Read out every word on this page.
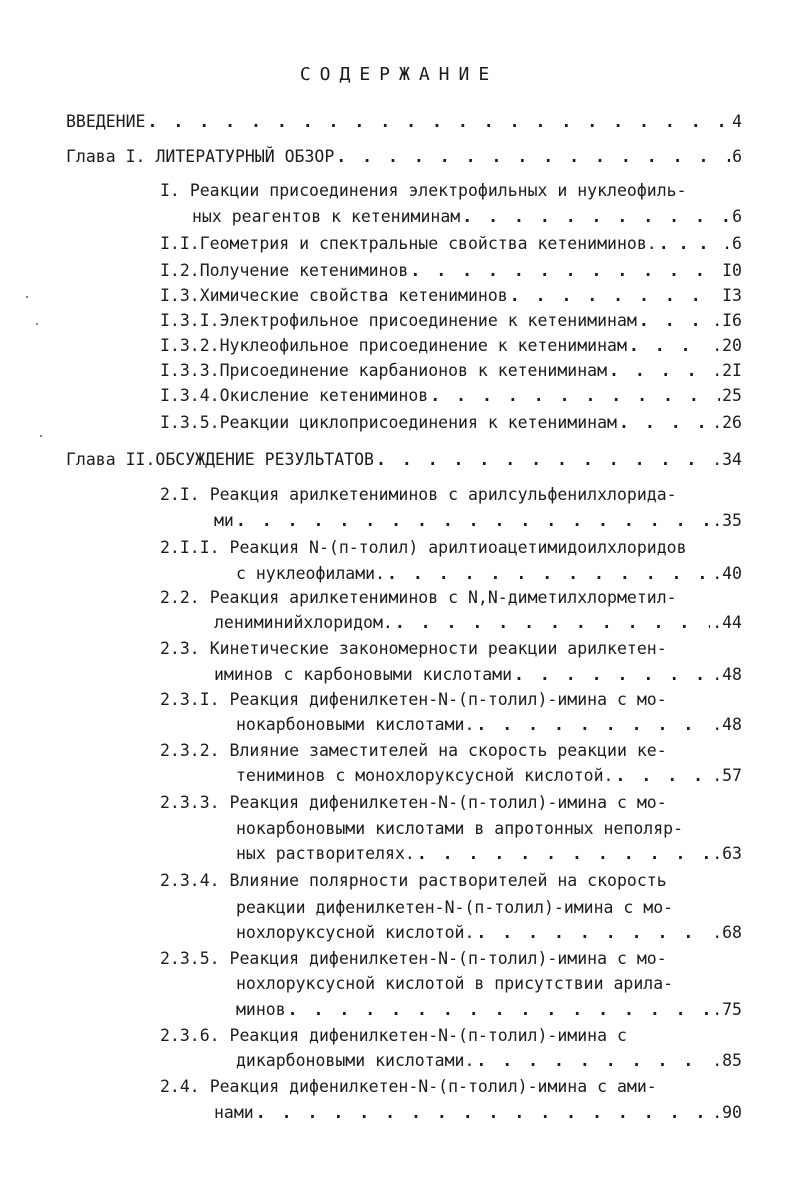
СОДЕРЖАНИЕ
ВВЕДЕНИЕ . . .	4
Глава I. ЛИТЕРАТУРНЫЙ ОБЗОР . . .	6
I. Реакции присоединения электрофильных и нуклеофиль-
ных реагентов к кетениминам . . .	6
I.I. Геометрия и спектральные свойства кетениминов. . . .	.6
I.2. Получение кетениминов . . .	I0
I.3. Химические свойства кетениминов . . .	I3
I.3.I. Электрофильное присоединение к кетениминам . . .	.I6
I.3.2. Нуклеофильное присоединение к кетениминам . . .	.20
I.3.3. Присоединение карбанионов к кетениминам . . .	.2I
I.3.4. Окисление кетениминов . . .	25
I.3.5. Реакции циклоприсоединения к кетениминам . . .	.26
Глава II. ОБСУЖДЕНИЕ РЕЗУЛЬТАТОВ . . .	.34
2.I. Реакция арилкетениминов с арилсульфенилхлорида-
ми . . .	.35
2.I.I. Реакция N-(п-толил) арилтиоацетимидоилхлоридов
с нуклеофилами. . . .	.40
2.2. Реакция арилкетениминов с N,N-диметилхлорметил-
лениминийхлоридом. . . .	.44
2.3. Кинетические закономерности реакции арилкетен-
иминов с карбоновыми кислотами . . .	.48
2.3.I. Реакция дифенилкетен-N-(п-толил)-имина с мо-
нокарбоновыми кислотами. . . .	.48
2.3.2. Влияние заместителей на скорость реакции ке-
тениминов с монохлоруксусной кислотой. . . .	.57
2.3.3. Реакция дифенилкетен-N-(п-толил)-имина с мо-
нокарбоновыми кислотами в апротонных неполяр-
ных растворителях. . . .	.63
2.3.4. Влияние полярности растворителей на скорость
реакции дифенилкетен-N-(п-толил)-имина с мо-
нохлоруксусной кислотой. . . .	.68
2.3.5. Реакция дифенилкетен-N-(п-толил)-имина с мо-
нохлоруксусной кислотой в присутствии арила-
минов . . .	.75
2.3.6. Реакция дифенилкетен-N-(п-толил)-имина с
дикарбоновыми кислотами. . . .	.85
2.4. Реакция дифенилкетен-N-(п-толил)-имина с ами-
нами . . .	.90
